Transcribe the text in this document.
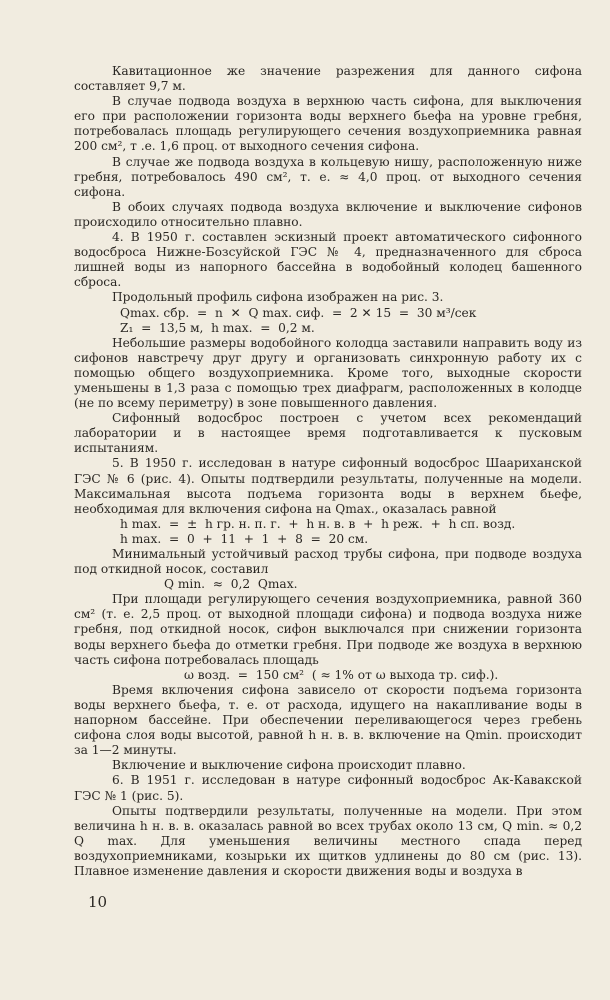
Кавитационное же значение разрежения для данного сифона составляет 9,7 м.

В случае подвода воздуха в верхнюю часть сифона, для выключения его при расположении горизонта воды верхнего бьефа на уровне гребня, потребовалась площадь регулирующего сечения воздухоприемника равная 200 см², т .е. 1,6 проц. от выходного сечения сифона.

В случае же подвода воздуха в кольцевую нишу, расположенную ниже гребня, потребовалось 490 см², т. е. ≈ 4,0 проц. от выходного сечения сифона.

В обоих случаях подвода воздуха включение и выключение сифонов происходило относительно плавно.

4. В 1950 г. составлен эскизный проект автоматического сифонного водосброса Нижне-Бозсуйской ГЭС № 4, предназначенного для сброса лишней воды из напорного бассейна в водобойный колодец башенного сброса.

Продольный профиль сифона изображен на рис. 3.

Qmax. сбр.  =  n  ✕  Q max. сиф.  =  2 ✕ 15  =  30 м³/сек

Z₁  =  13,5 м,  h max.  =  0,2 м.

Небольшие размеры водобойного колодца заставили направить воду из сифонов навстречу друг другу и организовать синхронную работу их с помощью общего воздухоприемника. Кроме того, выходные скорости уменьшены в 1,3 раза с помощью трех диафрагм, расположенных в колодце (не по всему периметру) в зоне повышенного давления.

Сифонный водосброс построен с учетом всех рекомендаций лаборатории и в настоящее время подготавливается к пусковым испытаниям.

5. В 1950 г. исследован в натуре сифонный водосброс Шаариханской ГЭС № 6 (рис. 4). Опыты подтвердили результаты, полученные на модели. Максимальная высота подъема горизонта воды в верхнем бьефе, необходимая для включения сифона на Qmax., оказалась равной

h max.  =  ±  h гр. н. п. г.  +  h н. в. в  +  h реж.  +  h сп. возд.

h max.  =  0  +  11  +  1  +  8  =  20 см.

Минимальный устойчивый расход трубы сифона, при подводе воздуха под откидной носок, составил

Q min.  ≈  0,2  Qmax.

При площади регулирующего сечения воздухоприемника, равной 360 см² (т. е. 2,5 проц. от выходной площади сифона) и подвода воздуха ниже гребня, под откидной носок, сифон выключался при снижении горизонта воды верхнего бьефа до отметки гребня. При подводе же воздуха в верхнюю часть сифона потребовалась площадь

ω возд.  =  150 см²  ( ≈ 1% от ω выхода тр. сиф.).

Время включения сифона зависело от скорости подъема горизонта воды верхнего бьефа, т. е. от расхода, идущего на накапливание воды в напорном бассейне. При обеспечении переливающегося через гребень сифона слоя воды высотой, равной h н. в. в. включение на Qmin. происходит за 1—2 минуты.

Включение и выключение сифона происходит плавно.

6. В 1951 г. исследован в натуре сифонный водосброс Ак-Кавакской ГЭС № 1 (рис. 5).

Опыты подтвердили результаты, полученные на модели. При этом величина h н. в. в. оказалась равной во всех трубах около 13 см, Q min. ≈ 0,2 Q max. Для уменьшения величины местного спада перед воздухоприемниками, козырьки их щитков удлинены до 80 см (рис. 13). Плавное изменение давления и скорости движения воды и воздуха в

10
